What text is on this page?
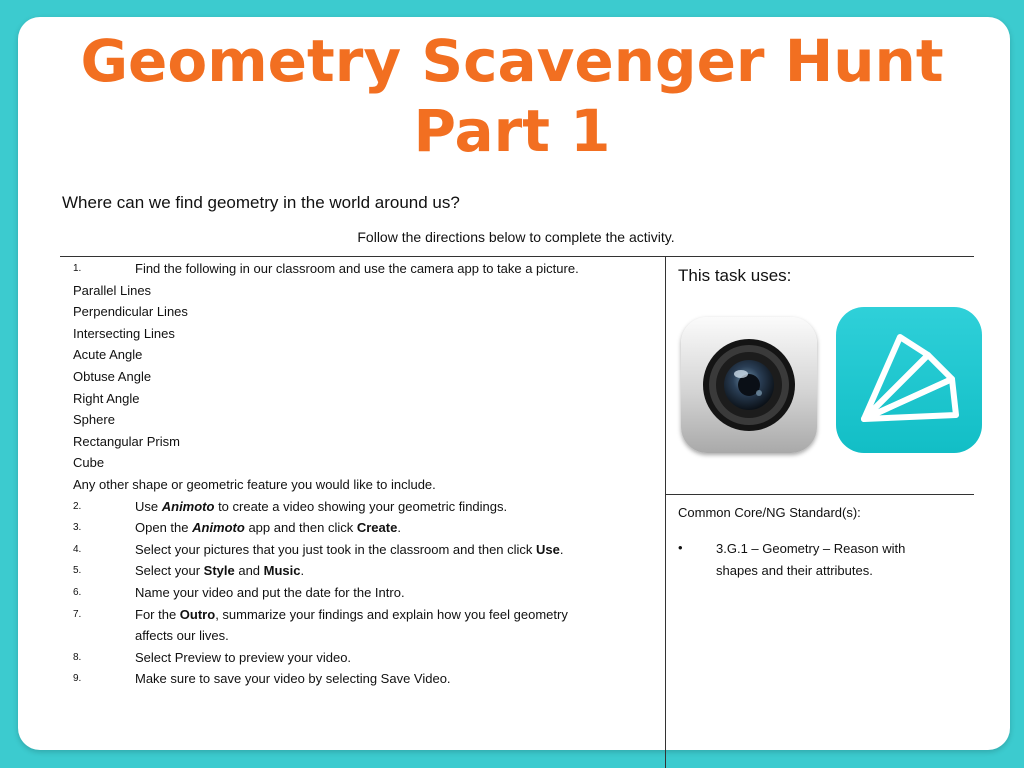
Geometry Scavenger Hunt
Part 1
Where can we find geometry in the world around us?
Follow the directions below to complete the activity.
1.	Find the following in our classroom and use the camera app to take a picture.
Parallel Lines
Perpendicular Lines
Intersecting Lines
Acute Angle
Obtuse Angle
Right Angle
Sphere
Rectangular Prism
Cube
Any other shape or geometric feature you would like to include.
2.	Use Animoto to create a video showing your geometric findings.
3.	Open the Animoto app and then click Create.
4.	Select your pictures that you just took in the classroom and then click Use.
5.	Select your Style and Music.
6.	Name your video and put the date for the Intro.
7.	For the Outro, summarize your findings and explain how you feel geometry
affects our lives.
8.	Select Preview to preview your video.
9.	Make sure to save your video by selecting Save Video.
This task uses:
Common Core/NG Standard(s):
•	3.G.1 – Geometry – Reason with shapes and their attributes.
